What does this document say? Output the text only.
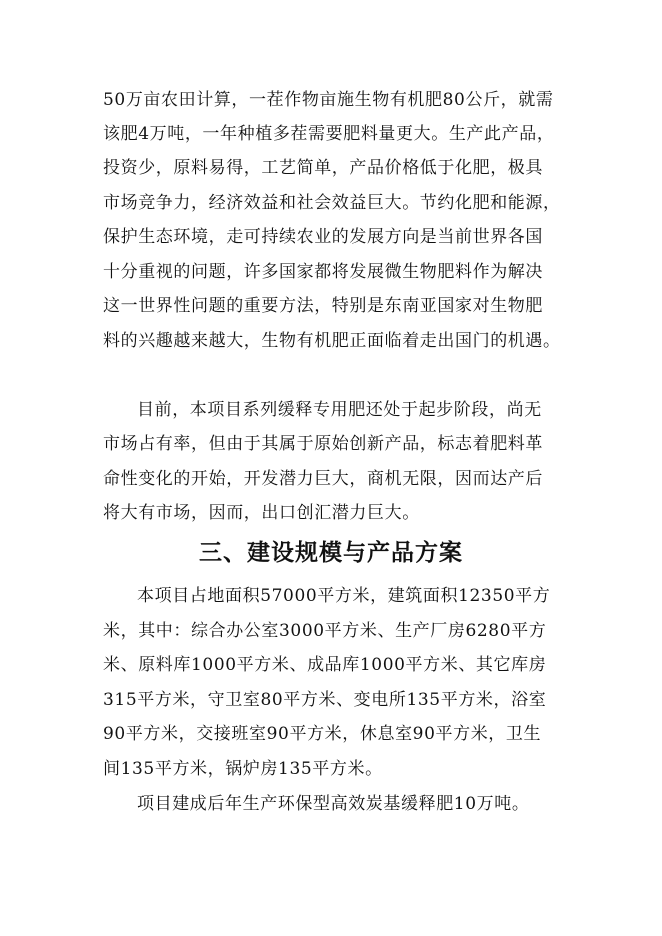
50万亩农田计算，一茬作物亩施生物有机肥80公斤，就需
该肥4万吨，一年种植多茬需要肥料量更大。生产此产品，
投资少，原料易得，工艺简单，产品价格低于化肥，极具
市场竞争力，经济效益和社会效益巨大。节约化肥和能源，
保护生态环境，走可持续农业的发展方向是当前世界各国
十分重视的问题，许多国家都将发展微生物肥料作为解决
这一世界性问题的重要方法，特别是东南亚国家对生物肥
料的兴趣越来越大，生物有机肥正面临着走出国门的机遇。
目前，本项目系列缓释专用肥还处于起步阶段，尚无
市场占有率，但由于其属于原始创新产品，标志着肥料革
命性变化的开始，开发潜力巨大，商机无限，因而达产后
将大有市场，因而，出口创汇潜力巨大。
三、建设规模与产品方案
本项目占地面积57000平方米，建筑面积12350平方
米，其中：综合办公室3000平方米、生产厂房6280平方
米、原料库1000平方米、成品库1000平方米、其它库房
315平方米，守卫室80平方米、变电所135平方米，浴室
90平方米，交接班室90平方米，休息室90平方米，卫生
间135平方米，锅炉房135平方米。
项目建成后年生产环保型高效炭基缓释肥10万吨。
